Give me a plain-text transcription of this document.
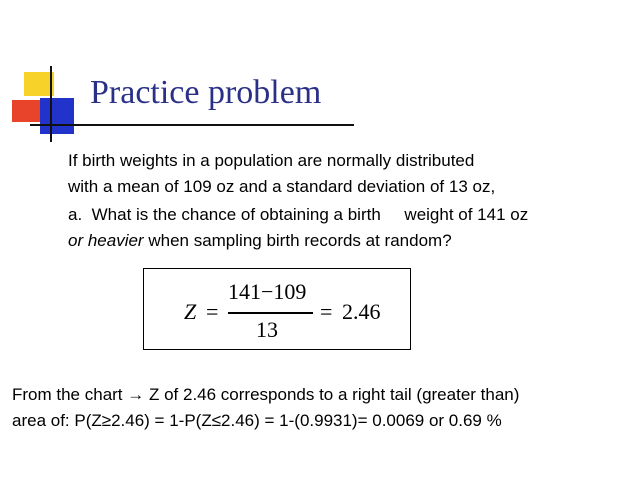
Practice problem
If birth weights in a population are normally distributed
with a mean of 109 oz and a standard deviation of 13 oz,
a.  What is the chance of obtaining a birth     weight of 141 oz
or heavier when sampling birth records at random?
Z =
141−109
13
= 2.46
From the chart → Z of 2.46 corresponds to a right tail (greater than)
area of: P(Z≥2.46) = 1-P(Z≤2.46) = 1-(0.9931)= 0.0069 or 0.69 %
